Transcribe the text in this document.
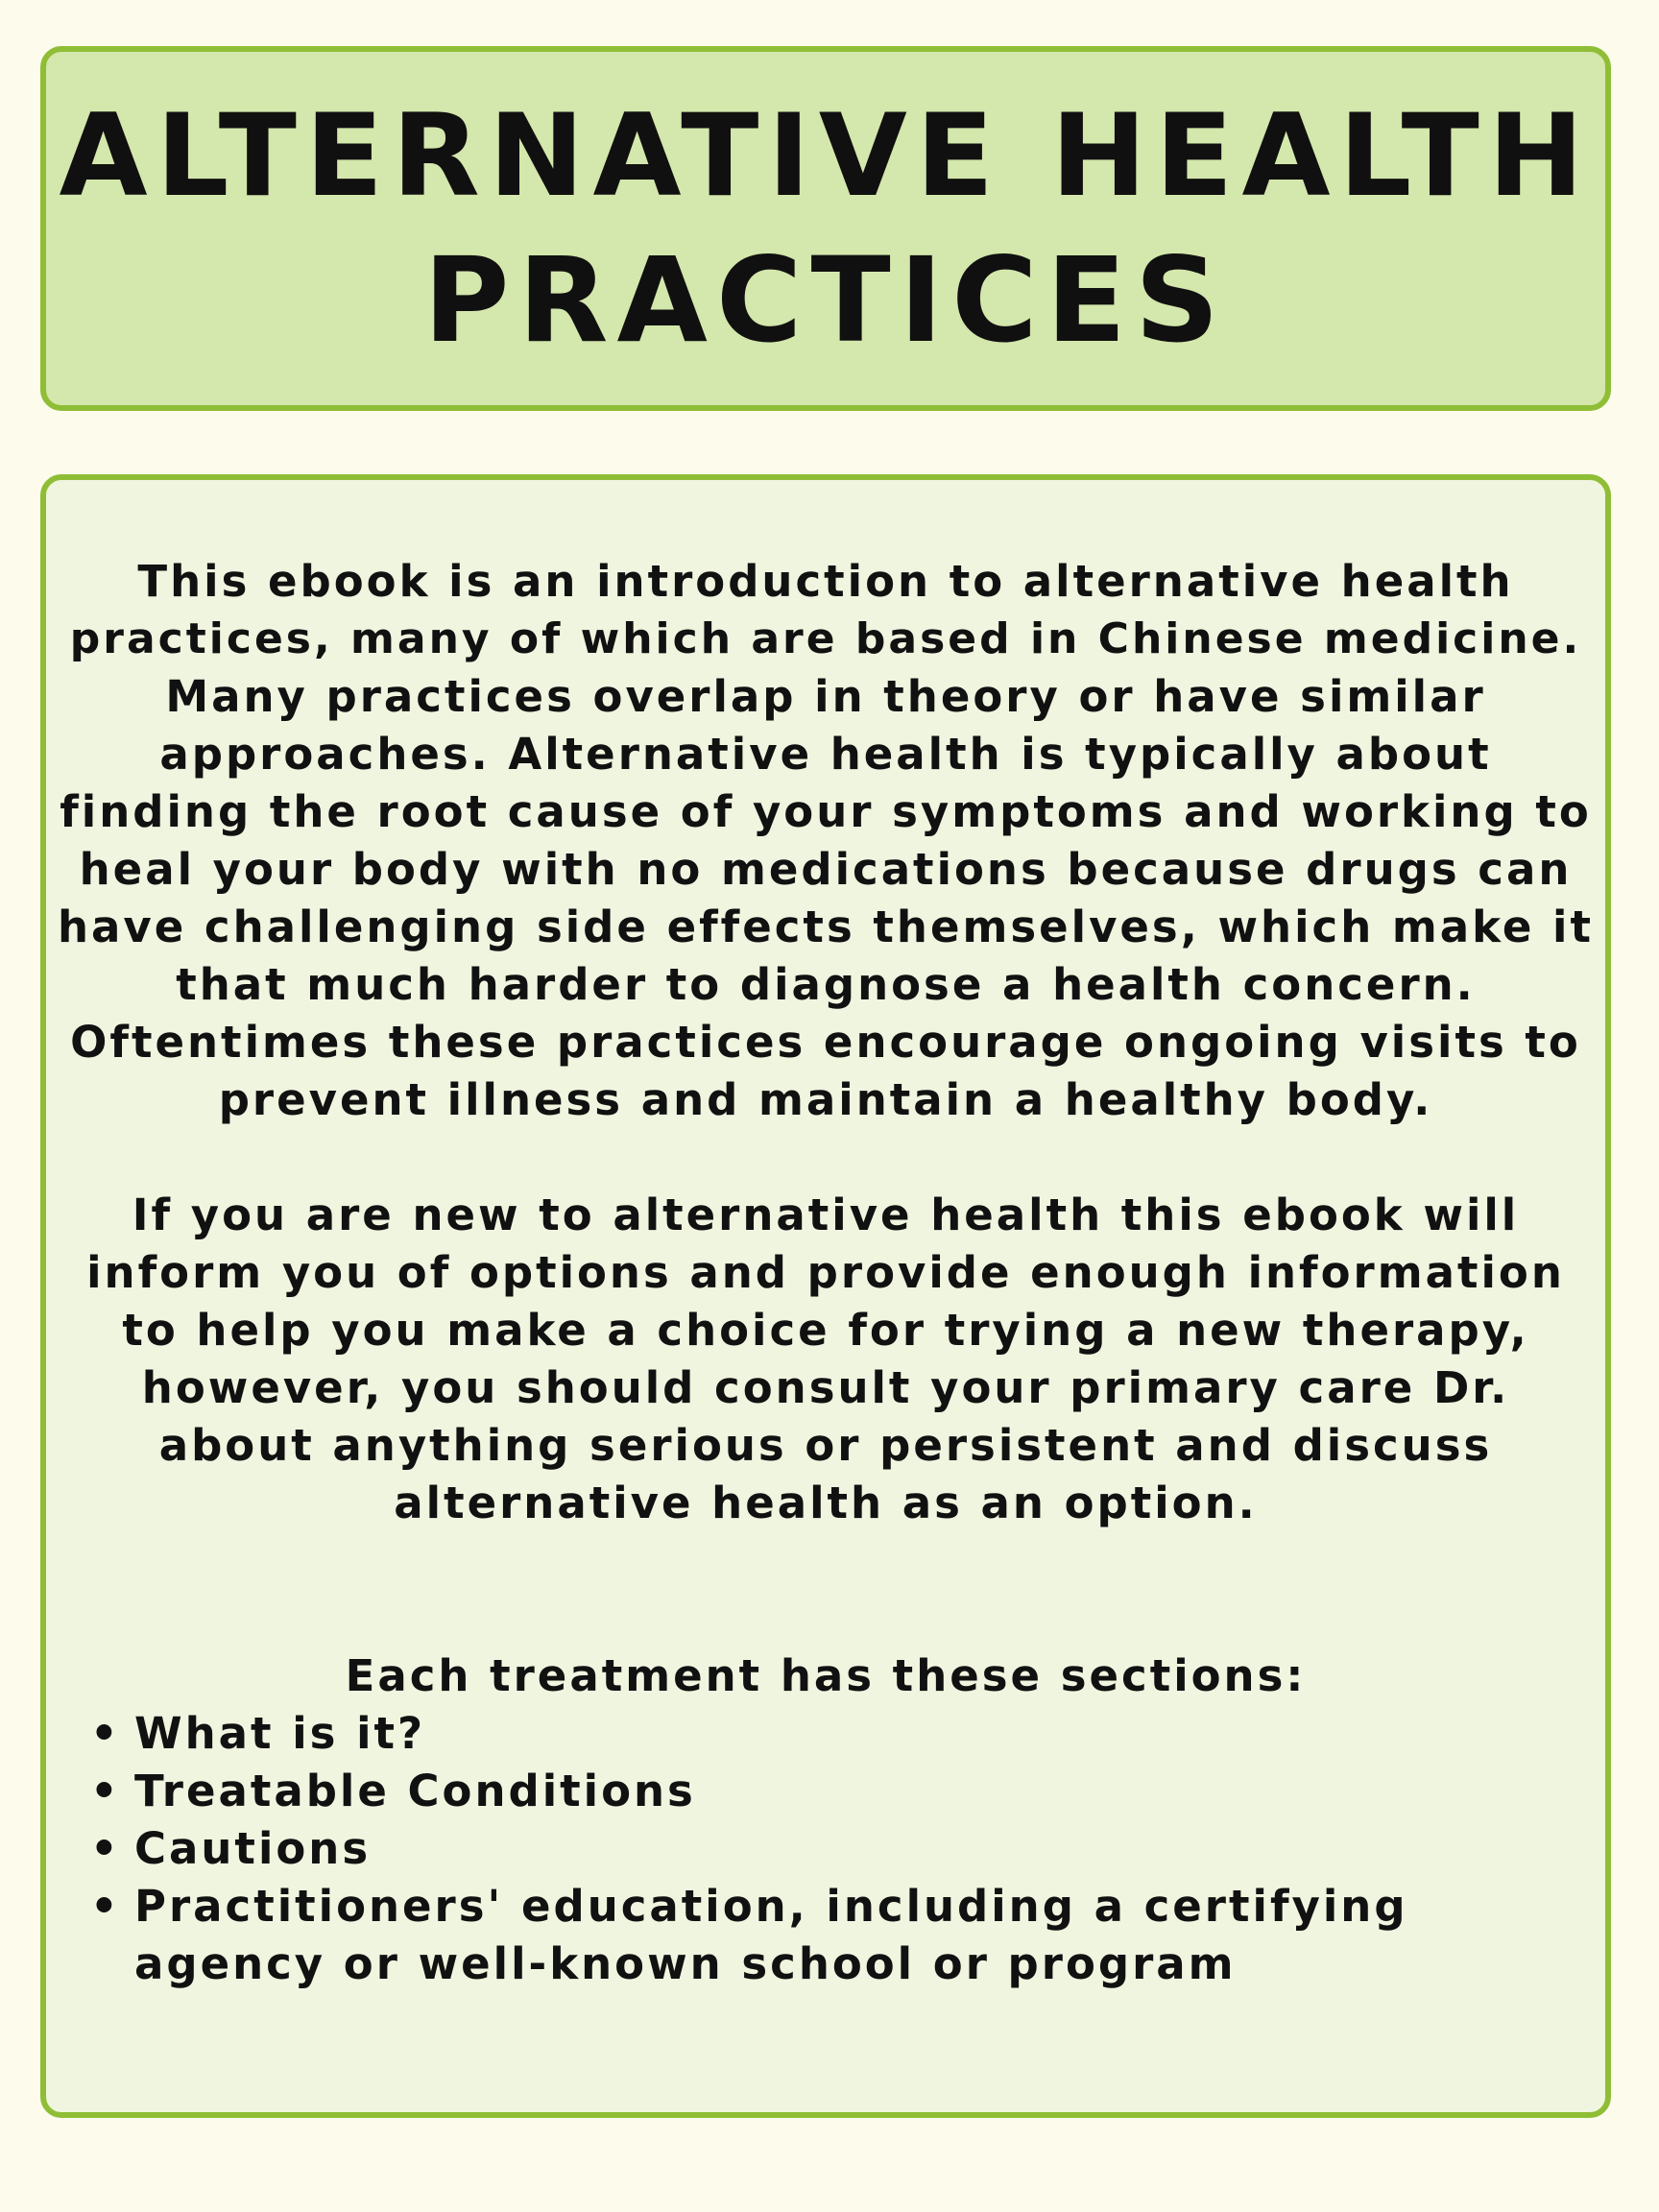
ALTERNATIVE HEALTH
PRACTICES
This ebook is an introduction to alternative health
practices, many of which are based in Chinese medicine.
Many practices overlap in theory or have similar
approaches. Alternative health is typically about
finding the root cause of your symptoms and working to
heal your body with no medications because drugs can
have challenging side effects themselves, which make it
that much harder to diagnose a health concern.
Oftentimes these practices encourage ongoing visits to
prevent illness and maintain a healthy body.
If you are new to alternative health this ebook will
inform you of options and provide enough information
to help you make a choice for trying a new therapy,
however, you should consult your primary care Dr.
about anything serious or persistent and discuss
alternative health as an option.
Each treatment has these sections:
• What is it?
• Treatable Conditions
• Cautions
• Practitioners' education, including a certifying
agency or well-known school or program
